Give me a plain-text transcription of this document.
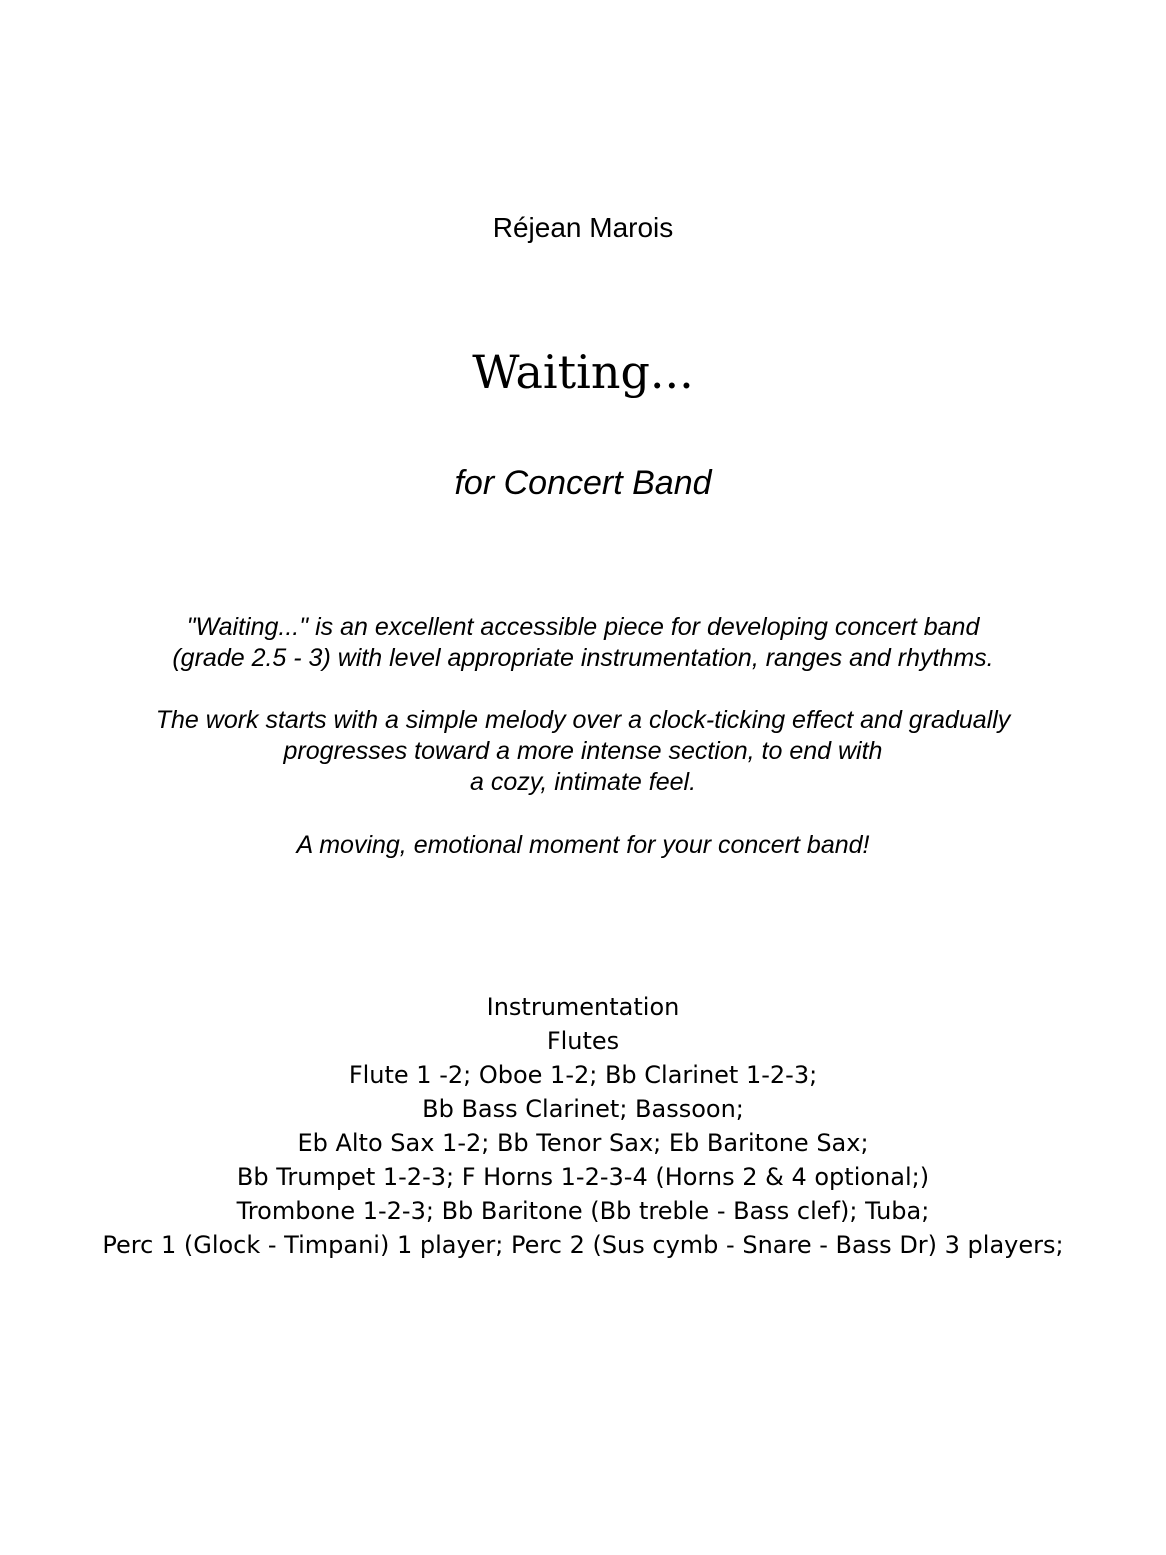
Réjean Marois
Waiting...
for Concert Band
"Waiting..." is an excellent accessible piece for developing concert band
(grade 2.5 - 3) with level appropriate instrumentation, ranges and rhythms.
The work starts with a simple melody over a clock-ticking effect and gradually
progresses toward a more intense section, to end with
a cozy, intimate feel.
A moving, emotional moment for your concert band!
Instrumentation
Flutes
Flute 1 -2; Oboe 1-2; Bb Clarinet 1-2-3;
Bb Bass Clarinet; Bassoon;
Eb Alto Sax 1-2; Bb Tenor Sax; Eb Baritone Sax;
Bb Trumpet 1-2-3; F Horns 1-2-3-4 (Horns 2 & 4 optional;)
Trombone 1-2-3; Bb Baritone (Bb treble - Bass clef); Tuba;
Perc 1 (Glock - Timpani) 1 player; Perc 2 (Sus cymb - Snare - Bass Dr) 3 players;
